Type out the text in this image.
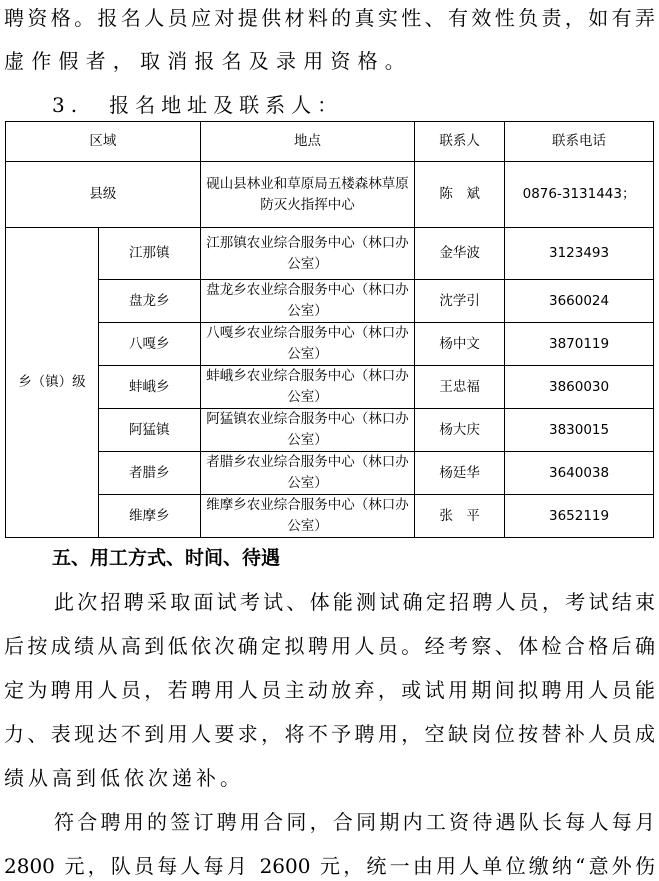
聘资格。报名人员应对提供材料的真实性、有效性负责，如有弄
虚作假者，取消报名及录用资格。
3.　报名地址及联系人：
区域		地点	联系人	联系电话
县级		砚山县林业和草原局五楼森林草原防灭火指挥中心	陈　斌	0876-3131443；
乡（镇）级	江那镇	江那镇农业综合服务中心（林口办公室）	金华波	3123493
	盘龙乡	盘龙乡农业综合服务中心（林口办公室）	沈学引	3660024
	八嘎乡	八嘎乡农业综合服务中心（林口办公室）	杨中文	3870119
	蚌峨乡	蚌峨乡农业综合服务中心（林口办公室）	王忠福	3860030
	阿猛镇	阿猛镇农业综合服务中心（林口办公室）	杨大庆	3830015
	者腊乡	者腊乡农业综合服务中心（林口办公室）	杨廷华	3640038
	维摩乡	维摩乡农业综合服务中心（林口办公室）	张　平	3652119
五、用工方式、时间、待遇
此次招聘采取面试考试、体能测试确定招聘人员，考试结束
后按成绩从高到低依次确定拟聘用人员。经考察、体检合格后确
定为聘用人员，若聘用人员主动放弃，或试用期间拟聘用人员能
力、表现达不到用人要求，将不予聘用，空缺岗位按替补人员成
绩从高到低依次递补。
符合聘用的签订聘用合同，合同期内工资待遇队长每人每月
2800 元，队员每人每月 2600 元，统一由用人单位缴纳“意外伤
